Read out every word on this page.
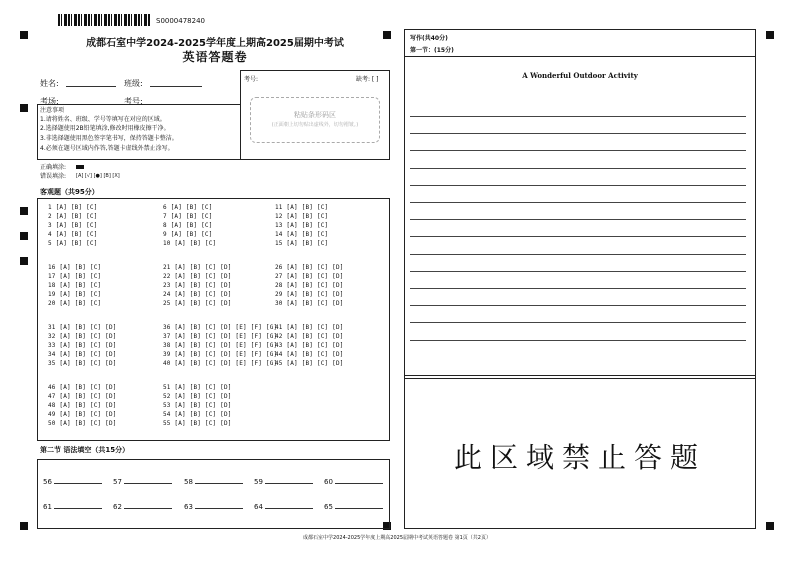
S0000478240
成都石室中学2024-2025学年度上期高2025届期中考试
英语答题卷
姓名:	班级:
考场:	考号:
考号:	缺考: [ ]
粘贴条形码区
(正面朝上切勿贴出虚线外，切勿褶皱。)
注意事项
1.请将姓名、班级、学号等填写在对应的区域。
2.选择题使用2B铅笔填涂,修改时用橡皮擦干净。
3.非选择题使用黑色签字笔书写，保持答题卡整洁。
4.必须在题号区域内作答,答题卡虚线外禁止涂写。
正确填涂:
错误填涂: [A] [√] [●] [B] [X]
客观题（共95分）
1 [A] [B] [C]
2 [A] [B] [C]
3 [A] [B] [C]
4 [A] [B] [C]
5 [A] [B] [C]
6 [A] [B] [C]
7 [A] [B] [C]
8 [A] [B] [C]
9 [A] [B] [C]
10 [A] [B] [C]
11 [A] [B] [C]
12 [A] [B] [C]
13 [A] [B] [C]
14 [A] [B] [C]
15 [A] [B] [C]
16 [A] [B] [C]
17 [A] [B] [C]
18 [A] [B] [C]
19 [A] [B] [C]
20 [A] [B] [C]
21 [A] [B] [C] [D]
22 [A] [B] [C] [D]
23 [A] [B] [C] [D]
24 [A] [B] [C] [D]
25 [A] [B] [C] [D]
26 [A] [B] [C] [D]
27 [A] [B] [C] [D]
28 [A] [B] [C] [D]
29 [A] [B] [C] [D]
30 [A] [B] [C] [D]
31 [A] [B] [C] [D]
32 [A] [B] [C] [D]
33 [A] [B] [C] [D]
34 [A] [B] [C] [D]
35 [A] [B] [C] [D]
36 [A] [B] [C] [D] [E] [F] [G]
37 [A] [B] [C] [D] [E] [F] [G]
38 [A] [B] [C] [D] [E] [F] [G]
39 [A] [B] [C] [D] [E] [F] [G]
40 [A] [B] [C] [D] [E] [F] [G]
41 [A] [B] [C] [D]
42 [A] [B] [C] [D]
43 [A] [B] [C] [D]
44 [A] [B] [C] [D]
45 [A] [B] [C] [D]
46 [A] [B] [C] [D]
47 [A] [B] [C] [D]
48 [A] [B] [C] [D]
49 [A] [B] [C] [D]
50 [A] [B] [C] [D]
51 [A] [B] [C] [D]
52 [A] [B] [C] [D]
53 [A] [B] [C] [D]
54 [A] [B] [C] [D]
55 [A] [B] [C] [D]
第二节 语法填空（共15分）
56	57	58	59	60
61	62	63	64	65
写作(共40分)
第一节：(15分)
A Wonderful Outdoor Activity
此区域禁止答题
成都石室中学2024-2025学年度上期高2025届期中考试英语答题卷 第1页（共2页）
